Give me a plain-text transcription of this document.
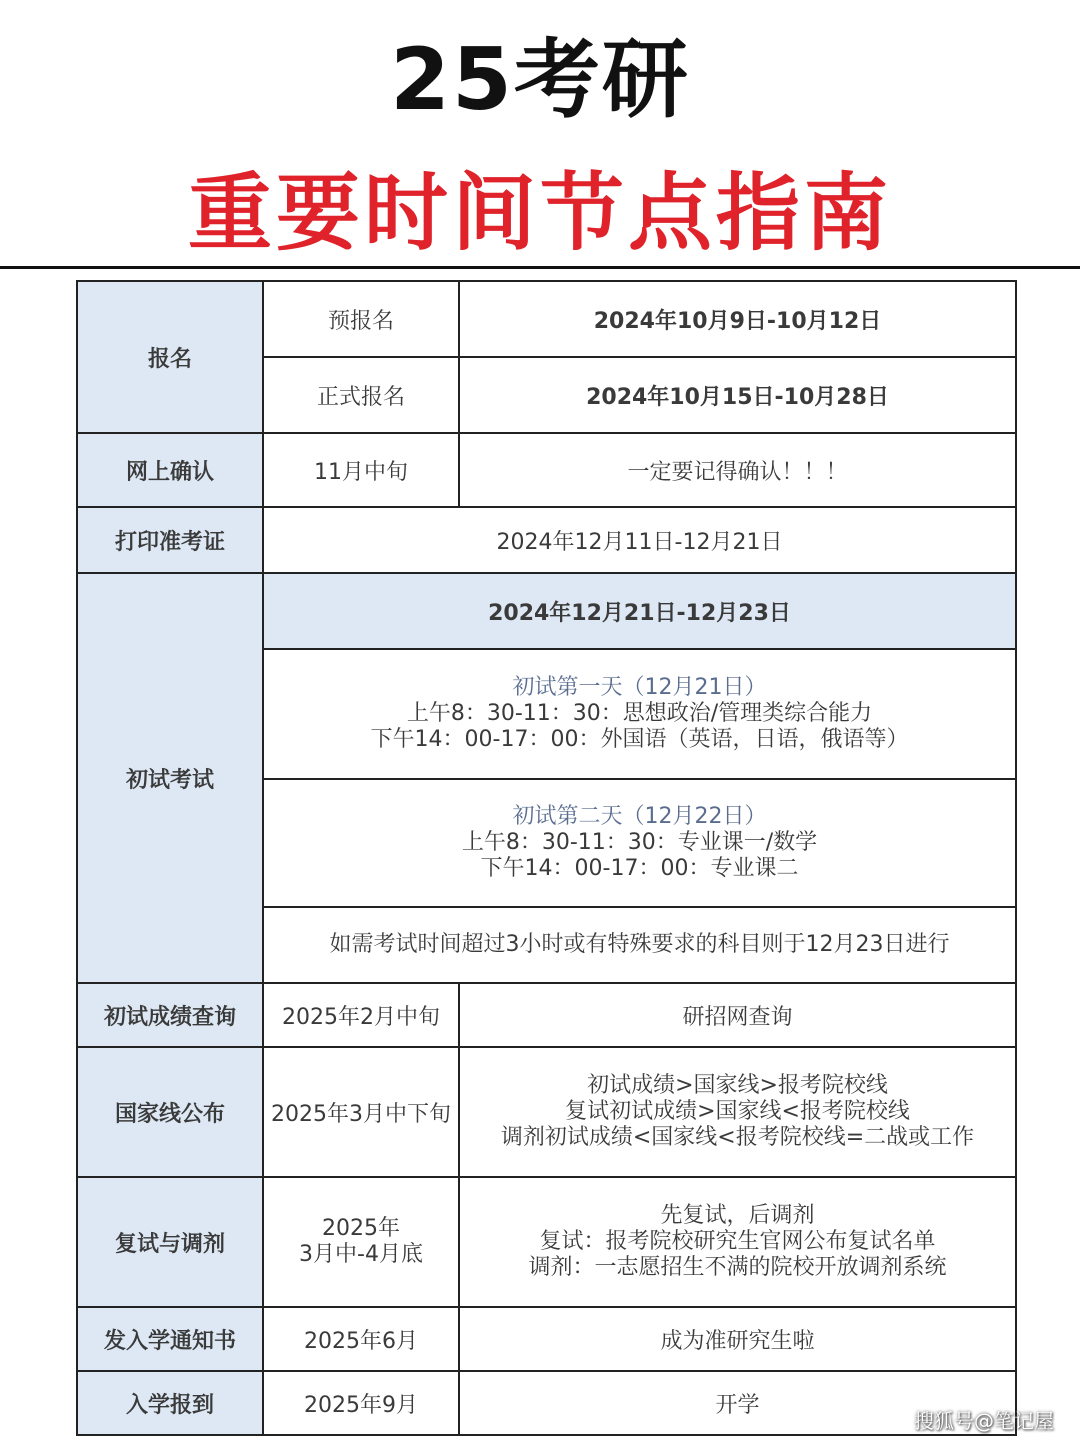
25考研
重要时间节点指南
报名	预报名	2024年10月9日-10月12日
	正式报名	2024年10月15日-10月28日
网上确认	11月中旬	一定要记得确认！！！
打印准考证	2024年12月11日-12月21日	
初试考试	2024年12月21日-12月23日	

	初试第一天（12月21日）
上午8：30-11：30：思想政治/管理类综合能力
下午14：00-17：00：外国语（英语，日语，俄语等）	

	初试第二天（12月22日）
上午8：30-11：30：专业课一/数学
下午14：00-17：00：专业课二	

	如需考试时间超过3小时或有特殊要求的科目则于12月23日进行	

初试成绩查询	2025年2月中旬	研招网查询
国家线公布	2025年3月中下旬	初试成绩>国家线>报考院校线
复试初试成绩>国家线<报考院校线
调剂初试成绩<国家线<报考院校线=二战或工作

复试与调剂	2025年
3月中-4月底	先复试，后调剂
复试：报考院校研究生官网公布复试名单
调剂：一志愿招生不满的院校开放调剂系统

发入学通知书	2025年6月	成为准研究生啦
入学报到	2025年9月	开学
搜狐号@笔记屋
